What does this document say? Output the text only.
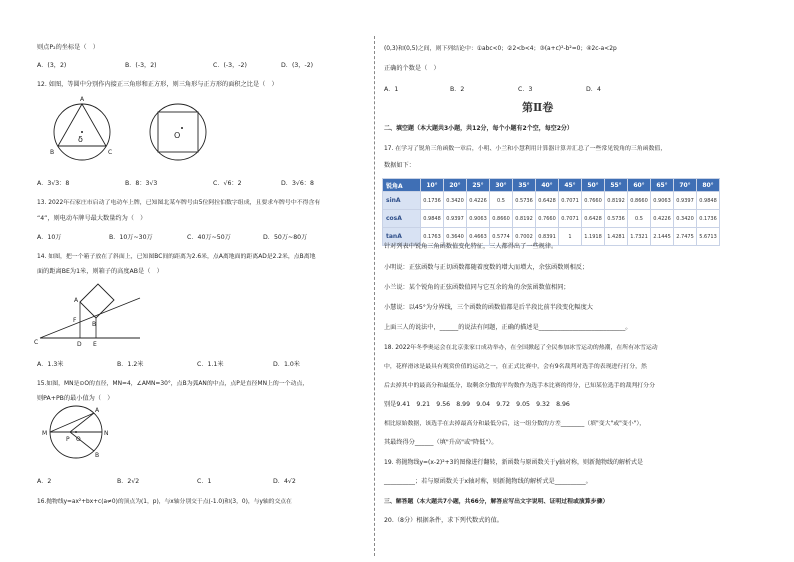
则点P₂的坐标是（　）
A．(3，2)	B．(-3，2)	C．(-3，-2)	D．(3，-2)
12. 如图，等圆中分别作内接正三角形和正方形，则三角形与正方形的面积之比是（　）
A
B	C
δ	O
A．3√3：8	B．8：3√3	C．√6：2	D．3√6：8
13. 2022年石家庄市启动了电动车上牌，已知图北某车牌号由5位阿拉伯数字组成，且要求车牌号中不得含有
“4”，则电动车牌号最大数量约为（　）
A．10万	B．10万~30万	C．40万~50万	D．50万~80万
14. 如图，把一个箱子放在了斜面上，已知图BC间的距离为2.6米，点A离地面的距离AD是2.2米，点B离地
面的距离BE为1米，则箱子的高度AB是（　）
A
B
C	D E
F
A．1.3米	B．1.2米	C．1.1米	D．1.0米
15.如图，MN是⊙O的直径，MN=4，∠AMN=30°，点B为弧AN的中点，点P是直径MN上的一个动点，
则PA+PB的最小值为（　）
M	N
O
P
A
B
A．2	B．2√2	C．1	D．4√2
16.抛物线y=ax²+bx+c(a≠0)的顶点为(1，p)，与x轴分别交于点(-1.0)和(3，0)，与y轴的交点在
(0,3)和(0,5)之间，则下列结论中：①abc<0；②2<b<4；③(a+c)²-b²=0；④2c-a<2p
正确的个数是（　）
A．1	B．2	C．3	D．4
第Ⅱ卷
二、填空题（本大题共3小题，共12分，每个小题有2个空，每空2分）
17. 在学习了锐角三角函数一章后，小明、小兰和小慧利用计算器计算并汇总了一些常见锐角的三角函数值，
数据如下：
锐角A	10°	20°	25°	30°	35°	40°	45°	50°	55°	60°	65°	70°	80°
sinA	0.1736	0.3420	0.4226	0.5	0.5736	0.6428	0.7071	0.7660	0.8192	0.8660	0.9063	0.9397	0.9848
cosA	0.9848	0.9397	0.9063	0.8660	0.8192	0.7660	0.7071	0.6428	0.5736	0.5	0.4226	0.3420	0.1736
tanA	0.1763	0.3640	0.4663	0.5774	0.7002	0.8391	1	1.1918	1.4281	1.7321	2.1445	2.7475	5.6713
针对列表中锐角三角函数值变化特征，三人都得出了一些规律。
小明说：正弦函数与正切函数都随着度数的增大而增大，余弦函数则相反；
小兰说：某个锐角的正弦函数值同与它互余的角的余弦函数值相同；
小慧说：以45°为分界线，三个函数的函数值都是后半段比前半段变化幅度大
上面三人的说法中，______的说法有问题，正确的描述是____________________________。
18. 2022年冬季奥运会在北京张家口成功举办，在全国掀起了全民参加冰雪运动的热潮，在所有冰雪运动
中，花样滑冰是最具有观赏价值的运动之一，在正式比赛中，会有9名裁判对选手的表现进行打分，然
后去掉其中的最高分和最低分，取剩余分数的平均数作为选手本比赛的得分，已知某位选手的裁判打分分
别是9.41　9.21　9.56　8.99　9.04　9.72　9.05　9.32　8.96
相比原始数据，该选手在去掉最高分和最低分后，这一组分数的方差________（填"变大"或"变小"），
其最终得分______（填"升高"或"降低"）。
19. 将抛物线y=(x-2)²+3的图像进行翻转，新函数与原函数关于y轴对称，则新抛物线的解析式是
__________；若与原函数关于x轴对称，则新抛物线的解析式是__________。
三、解答题（本大题共7小题，共66分，解答应写出文字说明、证明过程或演算步骤）
20.（8分）根据条件，求下列代数式的值。
